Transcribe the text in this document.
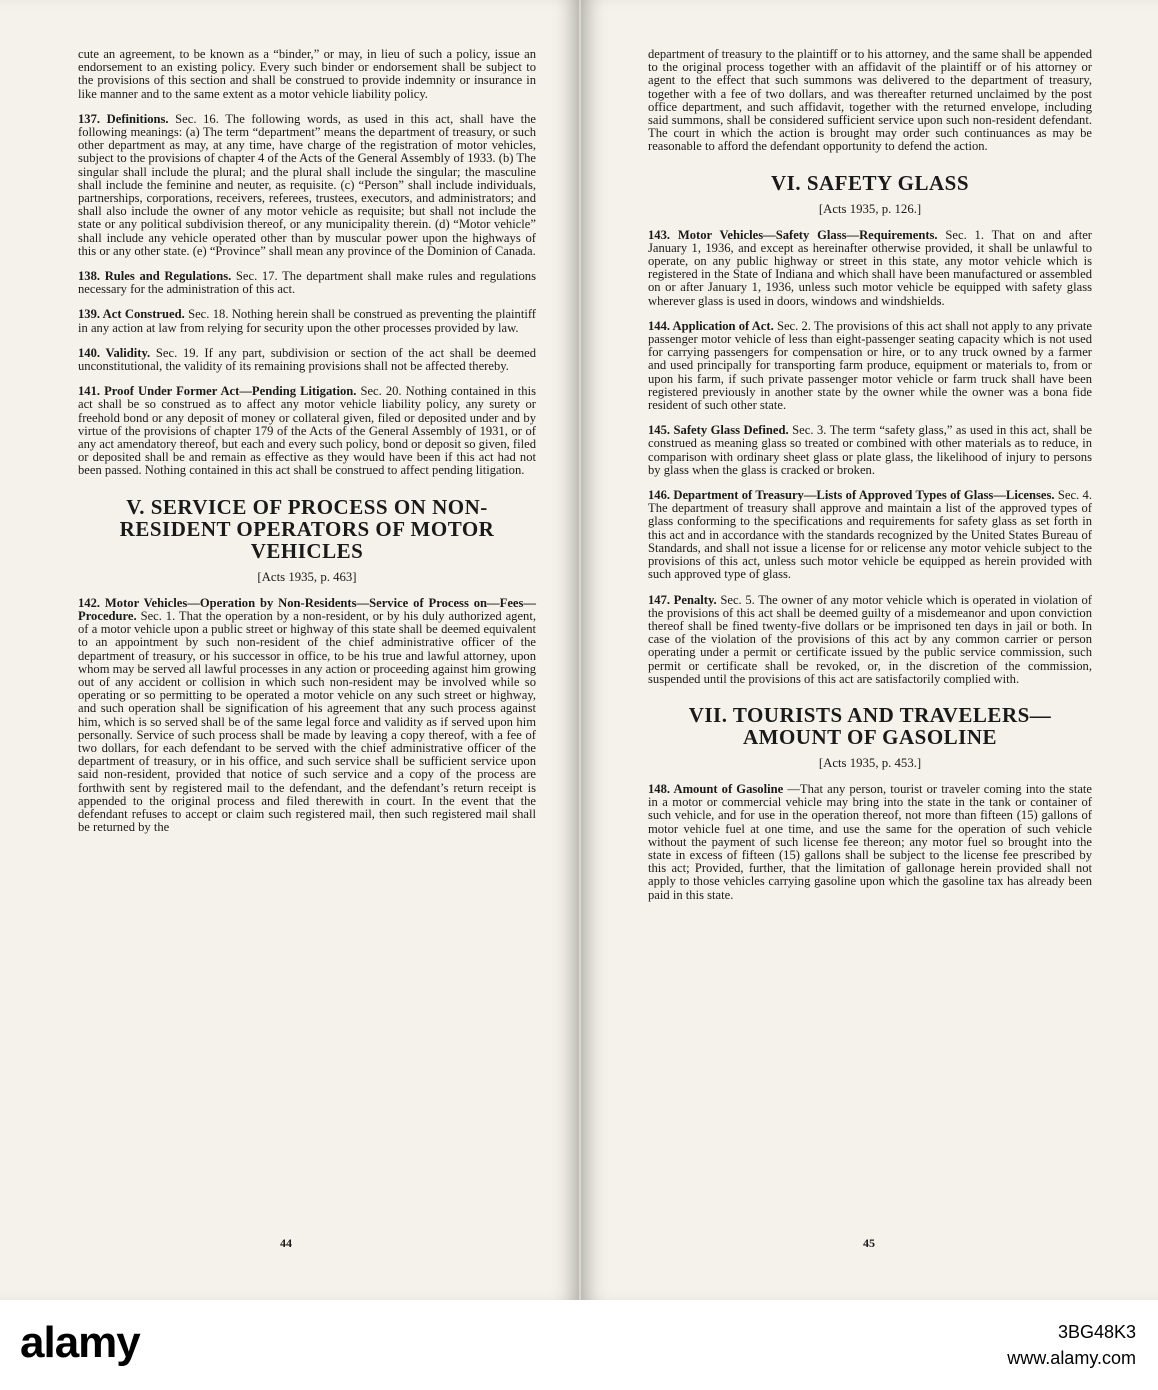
cute an agreement, to be known as a “binder,” or may, in lieu of such a policy, issue an endorsement to an existing policy. Every such binder or endorsement shall be subject to the provisions of this section and shall be construed to provide indemnity or insurance in like manner and to the same extent as a motor vehicle liability policy.
137. Definitions. Sec. 16. The following words, as used in this act, shall have the following meanings: (a) The term “department” means the department of treasury, or such other department as may, at any time, have charge of the registration of motor vehicles, subject to the provisions of chapter 4 of the Acts of the General Assembly of 1933. (b) The singular shall include the plural; and the plural shall include the singular; the masculine shall include the feminine and neuter, as requisite. (c) “Person” shall include individuals, partnerships, corporations, receivers, referees, trustees, executors, and administrators; and shall also include the owner of any motor vehicle as requisite; but shall not include the state or any political subdivision thereof, or any municipality therein. (d) “Motor vehicle” shall include any vehicle operated other than by muscular power upon the highways of this or any other state. (e) “Province” shall mean any province of the Dominion of Canada.
138. Rules and Regulations. Sec. 17. The department shall make rules and regulations necessary for the administration of this act.
139. Act Construed. Sec. 18. Nothing herein shall be construed as preventing the plaintiff in any action at law from relying for security upon the other processes provided by law.
140. Validity. Sec. 19. If any part, subdivision or section of the act shall be deemed unconstitutional, the validity of its remaining provisions shall not be affected thereby.
141. Proof Under Former Act—Pending Litigation. Sec. 20. Nothing contained in this act shall be so construed as to affect any motor vehicle liability policy, any surety or freehold bond or any deposit of money or collateral given, filed or deposited under and by virtue of the provisions of chapter 179 of the Acts of the General Assembly of 1931, or of any act amendatory thereof, but each and every such policy, bond or deposit so given, filed or deposited shall be and remain as effective as they would have been if this act had not been passed. Nothing contained in this act shall be construed to affect pending litigation.
V. SERVICE OF PROCESS ON NON-RESIDENT OPERATORS OF MOTOR VEHICLES
[Acts 1935, p. 463]
142. Motor Vehicles—Operation by Non-Residents—Service of Process on—Fees—Procedure. Sec. 1. That the operation by a non-resident, or by his duly authorized agent, of a motor vehicle upon a public street or highway of this state shall be deemed equivalent to an appointment by such non-resident of the chief administrative officer of the department of treasury, or his successor in office, to be his true and lawful attorney, upon whom may be served all lawful processes in any action or proceeding against him growing out of any accident or collision in which such non-resident may be involved while so operating or so permitting to be operated a motor vehicle on any such street or highway, and such operation shall be signification of his agreement that any such process against him, which is so served shall be of the same legal force and validity as if served upon him personally. Service of such process shall be made by leaving a copy thereof, with a fee of two dollars, for each defendant to be served with the chief administrative officer of the department of treasury, or in his office, and such service shall be sufficient service upon said non-resident, provided that notice of such service and a copy of the process are forthwith sent by registered mail to the defendant, and the defendant’s return receipt is appended to the original process and filed therewith in court. In the event that the defendant refuses to accept or claim such registered mail, then such registered mail shall be returned by the
44
department of treasury to the plaintiff or to his attorney, and the same shall be appended to the original process together with an affidavit of the plaintiff or of his attorney or agent to the effect that such summons was delivered to the department of treasury, together with a fee of two dollars, and was thereafter returned unclaimed by the post office department, and such affidavit, together with the returned envelope, including said summons, shall be considered sufficient service upon such non-resident defendant. The court in which the action is brought may order such continuances as may be reasonable to afford the defendant opportunity to defend the action.
VI. SAFETY GLASS
[Acts 1935, p. 126.]
143. Motor Vehicles—Safety Glass—Requirements. Sec. 1. That on and after January 1, 1936, and except as hereinafter otherwise provided, it shall be unlawful to operate, on any public highway or street in this state, any motor vehicle which is registered in the State of Indiana and which shall have been manufactured or assembled on or after January 1, 1936, unless such motor vehicle be equipped with safety glass wherever glass is used in doors, windows and windshields.
144. Application of Act. Sec. 2. The provisions of this act shall not apply to any private passenger motor vehicle of less than eight-passenger seating capacity which is not used for carrying passengers for compensation or hire, or to any truck owned by a farmer and used principally for transporting farm produce, equipment or materials to, from or upon his farm, if such private passenger motor vehicle or farm truck shall have been registered previously in another state by the owner while the owner was a bona fide resident of such other state.
145. Safety Glass Defined. Sec. 3. The term “safety glass,” as used in this act, shall be construed as meaning glass so treated or combined with other materials as to reduce, in comparison with ordinary sheet glass or plate glass, the likelihood of injury to persons by glass when the glass is cracked or broken.
146. Department of Treasury—Lists of Approved Types of Glass—Licenses. Sec. 4. The department of treasury shall approve and maintain a list of the approved types of glass conforming to the specifications and requirements for safety glass as set forth in this act and in accordance with the standards recognized by the United States Bureau of Standards, and shall not issue a license for or relicense any motor vehicle subject to the provisions of this act, unless such motor vehicle be equipped as herein provided with such approved type of glass.
147. Penalty. Sec. 5. The owner of any motor vehicle which is operated in violation of the provisions of this act shall be deemed guilty of a misdemeanor and upon conviction thereof shall be fined twenty-five dollars or be imprisoned ten days in jail or both. In case of the violation of the provisions of this act by any common carrier or person operating under a permit or certificate issued by the public service commission, such permit or certificate shall be revoked, or, in the discretion of the commission, suspended until the provisions of this act are satisfactorily complied with.
VII. TOURISTS AND TRAVELERS—AMOUNT OF GASOLINE
[Acts 1935, p. 453.]
148. Amount of Gasoline —That any person, tourist or traveler coming into the state in a motor or commercial vehicle may bring into the state in the tank or container of such vehicle, and for use in the operation thereof, not more than fifteen (15) gallons of motor vehicle fuel at one time, and use the same for the operation of such vehicle without the payment of such license fee thereon; any motor fuel so brought into the state in excess of fifteen (15) gallons shall be subject to the license fee prescribed by this act; Provided, further, that the limitation of gallonage herein provided shall not apply to those vehicles carrying gasoline upon which the gasoline tax has already been paid in this state.
45
alamy	3BG48K3
www.alamy.com
